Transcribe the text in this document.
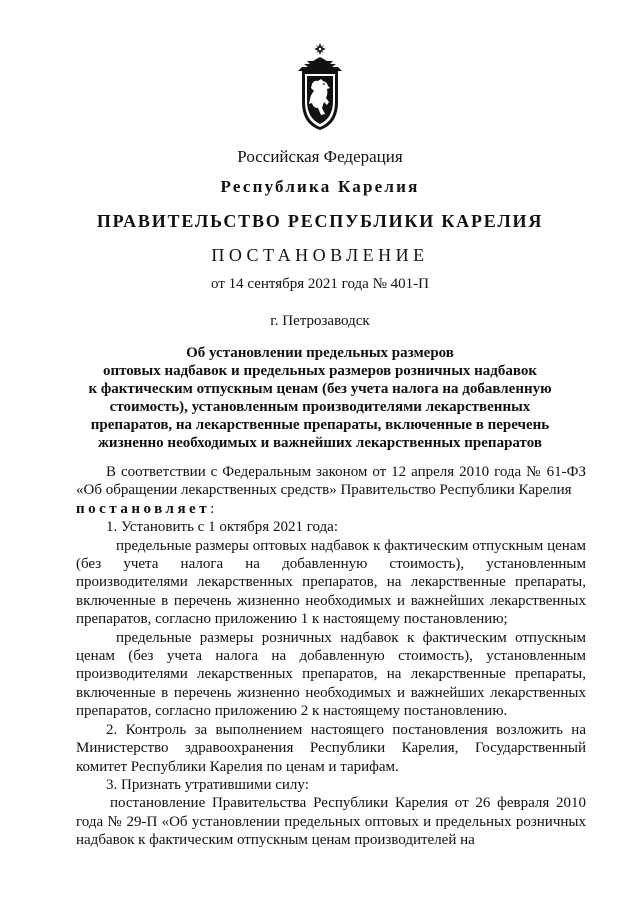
Российская Федерация
Республика Карелия
ПРАВИТЕЛЬСТВО РЕСПУБЛИКИ КАРЕЛИЯ
ПОСТАНОВЛЕНИЕ
от 14 сентября 2021 года № 401-П
г. Петрозаводск
Об установлении предельных размеров
оптовых надбавок и предельных размеров розничных надбавок
к фактическим отпускным ценам (без учета налога на добавленную
стоимость), установленным производителями лекарственных
препаратов, на лекарственные препараты, включенные в перечень
жизненно необходимых и важнейших лекарственных препаратов
В соответствии с Федеральным законом от 12 апреля 2010 года № 61-ФЗ «Об обращении лекарственных средств» Правительство Республики Карелия
постановляет:
1. Установить с 1 октября 2021 года:
предельные размеры оптовых надбавок к фактическим отпускным ценам (без учета налога на добавленную стоимость), установленным производителями лекарственных препаратов, на лекарственные препараты, включенные в перечень жизненно необходимых и важнейших лекарственных препаратов, согласно приложению 1 к настоящему постановлению;
предельные размеры розничных надбавок к фактическим отпускным ценам (без учета налога на добавленную стоимость), установленным производителями лекарственных препаратов, на лекарственные препараты, включенные в перечень жизненно необходимых и важнейших лекарственных препаратов, согласно приложению 2 к настоящему постановлению.
2. Контроль за выполнением настоящего постановления возложить на Министерство здравоохранения Республики Карелия, Государственный комитет Республики Карелия по ценам и тарифам.
3. Признать утратившими силу:
постановление Правительства Республики Карелия от 26 февраля 2010 года № 29-П «Об установлении предельных оптовых и предельных розничных надбавок к фактическим отпускным ценам производителей на
